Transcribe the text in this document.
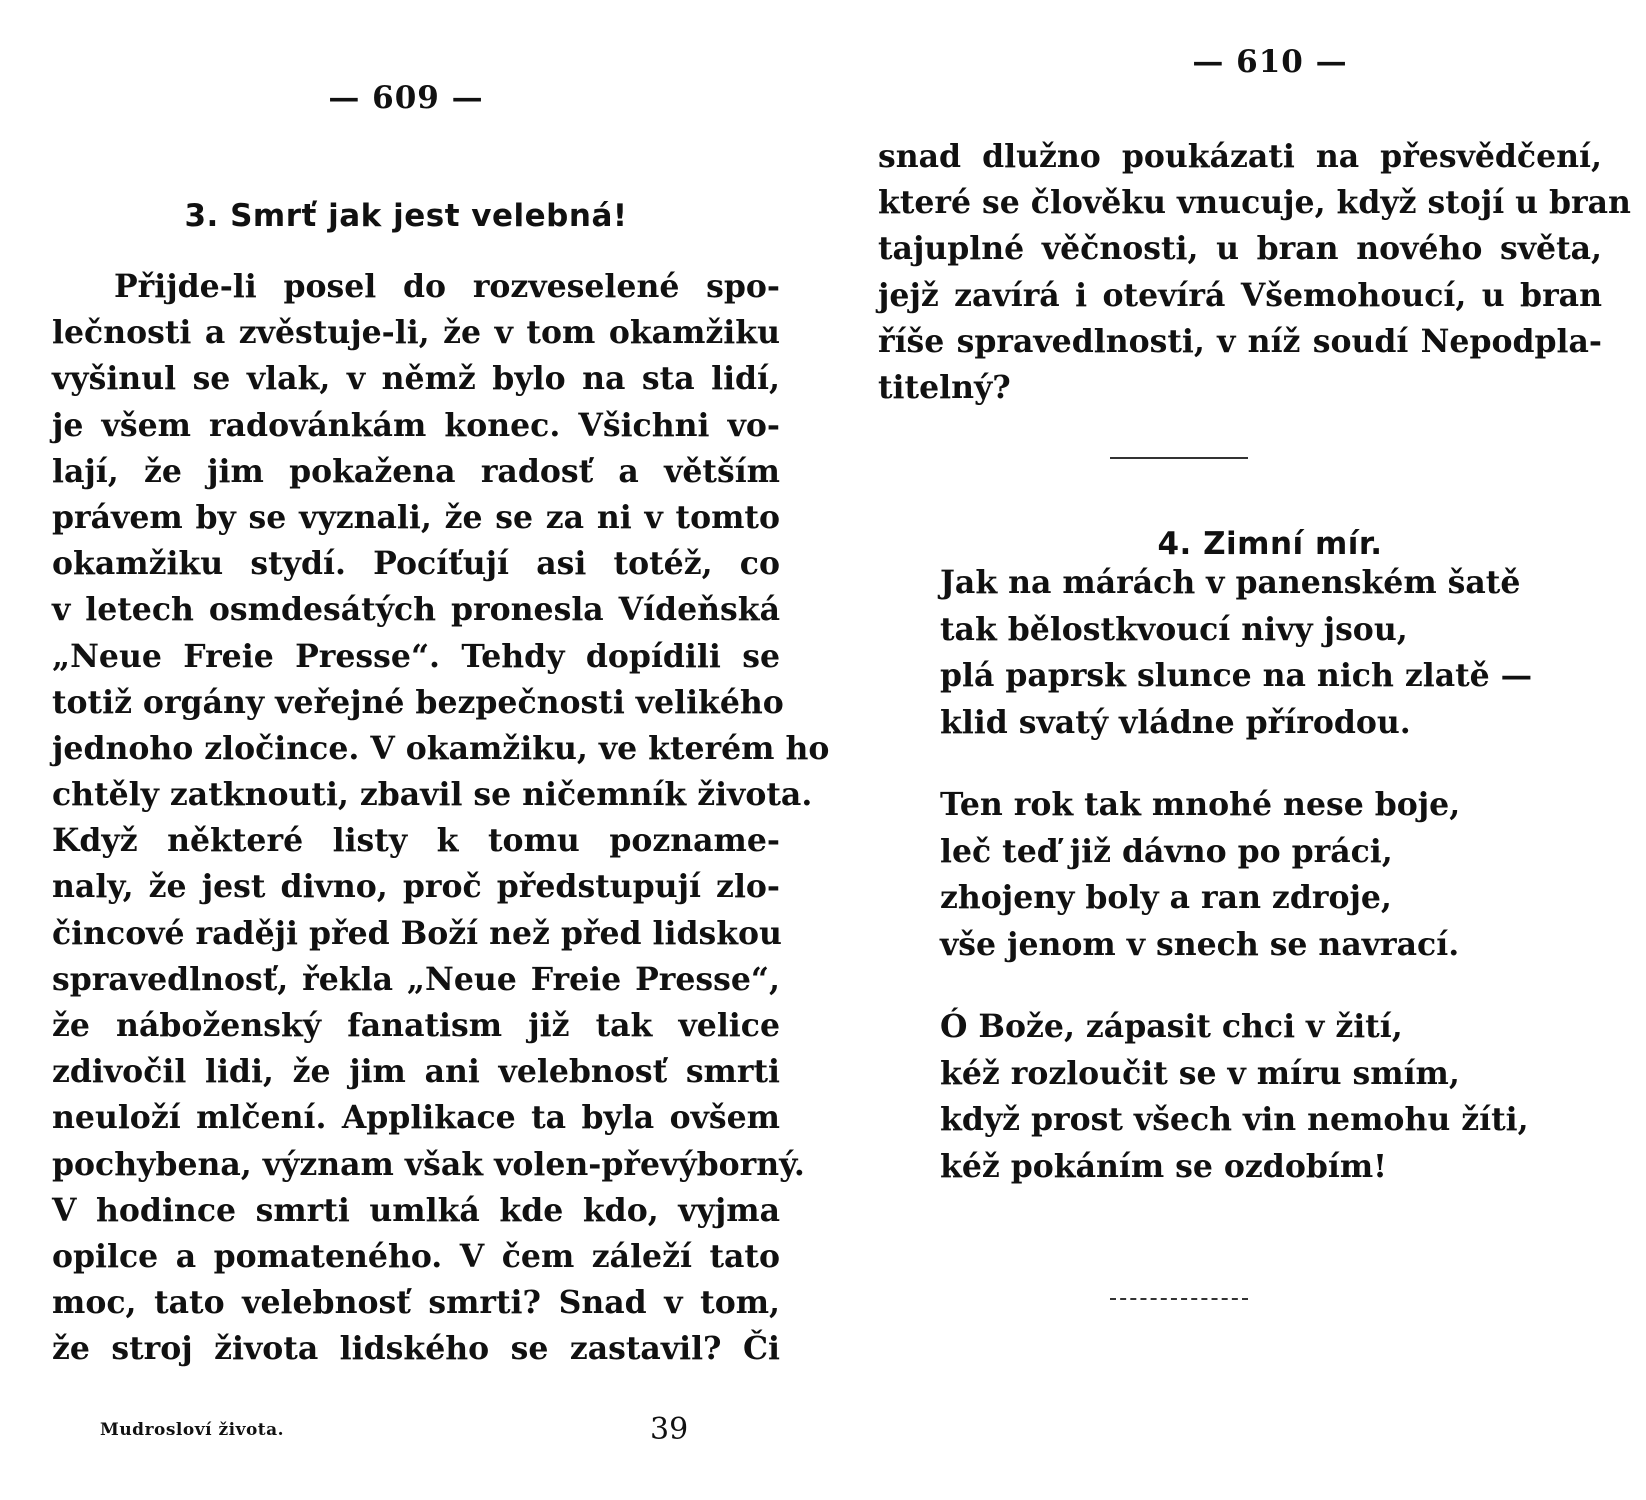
— 609 —
3. Smrť jak jest velebná!
Přijde-li posel do rozveselené spo-
lečnosti a zvěstuje-li, že v tom okamžiku
vyšinul se vlak, v němž bylo na sta lidí,
je všem radovánkám konec. Všichni vo-
lají, že jim pokažena radosť a větším
právem by se vyznali, že se za ni v tomto
okamžiku stydí. Pocíťují asi totéž, co
v letech osmdesátých pronesla Vídeňská
„Neue Freie Presse“. Tehdy dopídili se
totiž orgány veřejné bezpečnosti velikého
jednoho zločince. V okamžiku, ve kterém ho
chtěly zatknouti, zbavil se ničemník života.
Když některé listy k tomu poznamе-
naly, že jest divno, proč předstupují zlo-
čincové raději před Boží než před lidskou
spravedlnosť, řekla „Neue Freie Presse“,
že náboženský fanatism již tak velice
zdivočil lidi, že jim ani velebnosť smrti
neuloží mlčení. Applikace ta byla ovšem
pochybena, význam však volen-převýborný.
V hodince smrti umlká kde kdo, vyjma
opilce a pomateného. V čem záleží tato
moc, tato velebnosť smrti? Snad v tom,
že stroj života lidského se zastavil? Či
Mudrosloví života.	39
— 610 —
snad dlužno poukázati na přesvědčení,
které se člověku vnucuje, když stojí u bran
tajuplné věčnosti, u bran nového světa,
jejž zavírá i otevírá Všemohoucí, u bran
říše spravedlnosti, v níž soudí Nepodpla-
titelný?
4. Zimní mír.
Jak na márách v panenském šatě
tak bělostkvoucí nivy jsou,
plá paprsk slunce na nich zlatě —
klid svatý vládne přírodou.
Ten rok tak mnohé nese boje,
leč teď již dávno po práci,
zhojeny boly a ran zdroje,
vše jenom v snech se navrací.
Ó Bože, zápasit chci v žití,
kéž rozloučit se v míru smím,
když prost všech vin nemohu žíti,
kéž pokáním se ozdobím!
